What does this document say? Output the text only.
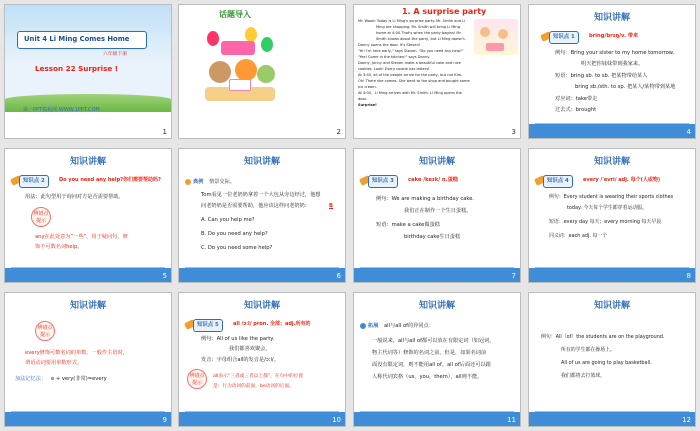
Unit 4 Li Ming Comes Home
六年级下册
Lesson 22 Surprise !
第一PPT模板网-WWW.1PPT.COM
1
话题导入
2
1. A surprise party
Mr. Wood: Today is Li Ming's surprise party. Mr. Smith and Li
Ming are shopping. Mr. Smith will bring Li Ming
home at 4:00.That's when the party begins! Mr.
Smith knows about the party, but Li Ming doesn't.
Danny opens the door. It's Steven!
"Hi! I'm here early," says Steven. "Do you need any help?"
"Yes! Come in the kitchen!" says Danny.
Danny, Jenny and Steven make a beautiful cake and nice
cookies. Look! Every cookie has letters!
At 3:45, all of the people arrive for the party, but not Kim.
Oh! There she comes. She went to the shop and bought some
ice cream.
At 4:00，Li Ming arrives with Mr. Smith. Li Ming opens the
door.
Surprise!
3
知识讲解
知识点 1	bring/brɪŋ/v. 带来
例句：Bring your sister to my home tomorrow.
明天把你妹妹带到我家来。
短语：bring sb. to sb. 把某物带给某人
bring sb./sth. to sp. 把某人/某物带到某地
对应词：take带走
过去式：brought
4
知识讲解
知识点 2	Do you need any help?你们需要帮助吗?
用法：此句型用于询问对方是否需要帮助。
辨错点提示
any在此处意为“一些”，用于疑问句，修
饰不可数名词help。
5
知识讲解
典例 情景交际。
Tom看见一位老奶奶拿着一个大包从旁边经过，他想
问老奶奶是否需要帮助，他应该这样问老奶奶：	B
A. Can you help me?
B. Do you need any help?
C. Do you need some help?
6
知识讲解
知识点 3	cake /keɪk/ n.蛋糕
例句：We are making a birthday cake.
我们正在制作一个生日蛋糕。
短语：make a cake做蛋糕
birthday cake生日蛋糕
7
知识讲解
知识点 4	every /ˈevri/ adj. 每个(人或物)
例句：Every student is wearing their sports clothes
today. 今天每个学生都穿着运动服。
短语：every day 每天；every morning 每天早晨
同义词：each adj. 每一个
8
知识讲解
辨错点提示
every修饰可数名词的单数。一般作主语时，
谓语动词要用单数形式。
加法记忆法： e + very(非常)=every
9
知识讲解
知识点 5	all /ɔːl/ pron. 全部；adj.所有的
例句：All of us like the party.
我们都喜欢聚会。
发音：字母组合all的发音是/ɔːl/。
辨错点提示
all表示“三者或三者以上都”，在句中的位置
是：行为动词的前面，be动词的后面。
10
知识讲解
拓展 all与all of的异同点：
一般说来，all与all of都可以放在有限定词（如冠词、
物主代词等）修饰的名词之前。但是，如果名词前
面没有限定词，则不能用all of。all of后面还可以跟
人称代词宾格（us，you，them），all则不能。
11
知识讲解
例句：All（of）the students are on the playground.
所有的学生都在操场上。
All of us are going to play basketball.
我们都将去打篮球。
12
